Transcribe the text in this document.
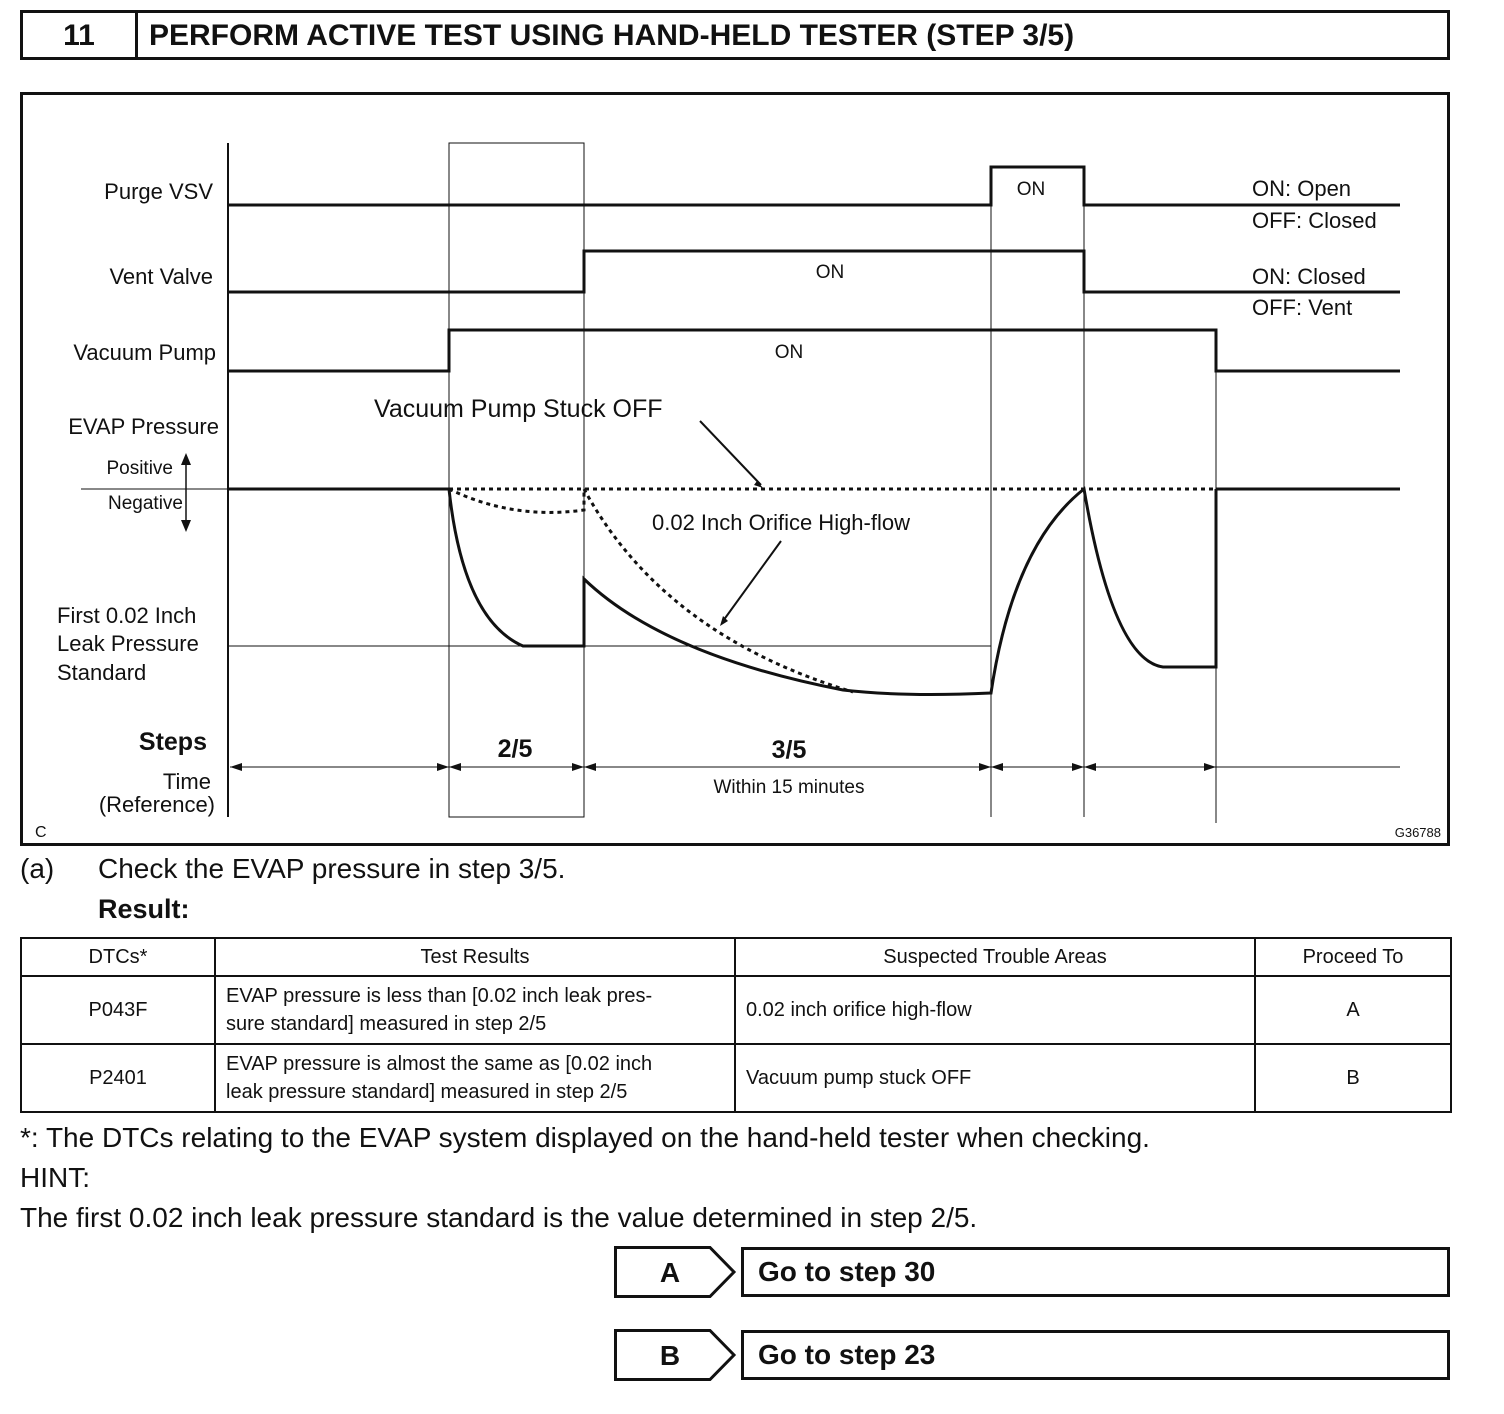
11	PERFORM ACTIVE TEST USING HAND-HELD TESTER (STEP 3/5)
Purge VSV
Vent Valve
Vacuum Pump
EVAP Pressure
Positive
Negative
First 0.02 Inch
Leak Pressure
Standard
Steps
Time
(Reference)
ON
ON
ON
ON: Open
OFF: Closed
ON: Closed
OFF: Vent
Vacuum Pump Stuck OFF
0.02 Inch Orifice High-flow
2/5	3/5
Within 15 minutes
C	G36788
(a) Check the EVAP pressure in step 3/5.
Result:
DTCs*	Test Results	Suspected Trouble Areas	Proceed To
P043F	EVAP pressure is less than [0.02 inch leak pres-
sure standard] measured in step 2/5	0.02 inch orifice high-flow	A
P2401	EVAP pressure is almost the same as [0.02 inch
leak pressure standard] measured in step 2/5	Vacuum pump stuck OFF	B
*: The DTCs relating to the EVAP system displayed on the hand-held tester when checking.
HINT:
The first 0.02 inch leak pressure standard is the value determined in step 2/5.
A	Go to step 30
B	Go to step 23
